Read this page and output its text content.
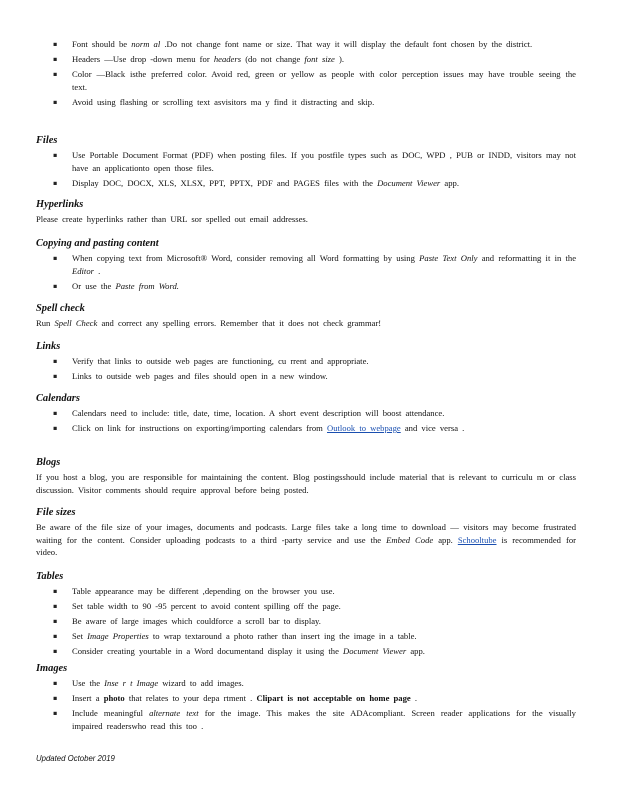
▪ Font should be norm al .Do not change font name or size. That way it will display the default font chosen by the district.
▪ Headers —Use drop -down menu for headers (do not change font size ).
▪ Color —Black isthe preferred color. Avoid red, green or yellow as people with color perception issues may have trouble seeing the text.
▪ Avoid using flashing or scrolling text asvisitors ma y find it distracting and skip.
Files
▪ Use Portable Document Format (PDF) when posting files. If you postfile types such as DOC, WPD , PUB or INDD, visitors may not have an applicationto open those files.
▪ Display DOC, DOCX, XLS, XLSX, PPT, PPTX, PDF and PAGES files with the Document Viewer app.
Hyperlinks
Please create hyperlinks rather than URL sor spelled out email addresses.
Copying and pasting content
▪ When copying text from Microsoft® Word, consider removing all Word formatting by using Paste Text Only and reformatting it in the Editor .
▪ Or use the Paste from Word.
Spell check
Run Spell Check and correct any spelling errors. Remember that it does not check grammar!
Links
▪ Verify that links to outside web pages are functioning, cu rrent and appropriate.
▪ Links to outside web pages and files should open in a new window.
Calendars
▪ Calendars need to include: title, date, time, location. A short event description will boost attendance.
▪ Click on link for instructions on exporting/importing calendars from Outlook to webpage and vice versa .
Blogs
If you host a blog, you are responsible for maintaining the content. Blog postingsshould include material that is relevant to curriculu m or class discussion. Visitor comments should require approval before being posted.
File sizes
Be aware of the file size of your images, documents and podcasts. Large files take a long time to download — visitors may become frustrated waiting for the content. Consider uploading podcasts to a third -party service and use the Embed Code app. Schooltube is recommended for video.
Tables
▪ Table appearance may be different ,depending on the browser you use.
▪ Set table width to 90 -95 percent to avoid content spilling off the page.
▪ Be aware of large images which couldforce a scroll bar to display.
▪ Set Image Properties to wrap textaround a photo rather than insert ing the image in a table.
▪ Consider creating yourtable in a Word documentand display it using the Document Viewer app.
Images
▪ Use the Inse r t Image wizard to add images.
▪ Insert a photo that relates to your depa rtment . Clipart is not acceptable on home page .
▪ Include meaningful alternate text for the image. This makes the site ADAcompliant. Screen reader applications for the visually impaired readerswho read this too .
Updated October 2019
